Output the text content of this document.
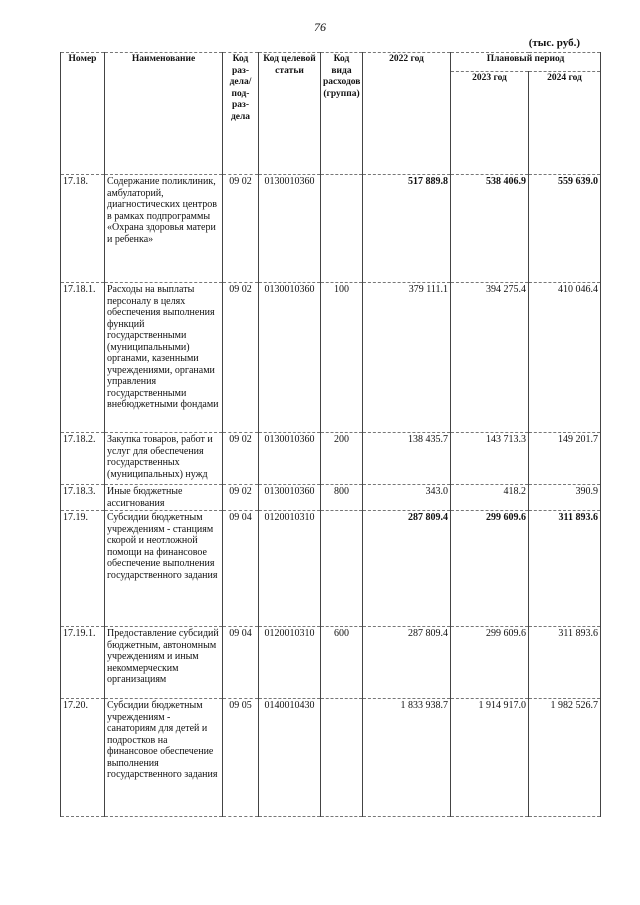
76
(тыс. руб.)
Номер	Наименование	Код раз-дела/ под-раз-дела	Код целевой статьи	Код вида расходов (группа)	2022 год	Плановый период	
						2023 год	2024 год
17.18.	Содержание поликлиник, амбулаторий, диагностических центров в рамках подпрограммы «Охрана здоровья матери и ребенка»	09 02	0130010360		517 889.8	538 406.9	559 639.0
17.18.1.	Расходы на выплаты персоналу в целях обеспечения выполнения функций государственными (муниципальными) органами, казенными учреждениями, органами управления государственными внебюджетными фондами	09 02	0130010360	100	379 111.1	394 275.4	410 046.4
17.18.2.	Закупка товаров, работ и услуг для обеспечения государственных (муниципальных) нужд	09 02	0130010360	200	138 435.7	143 713.3	149 201.7
17.18.3.	Иные бюджетные ассигнования	09 02	0130010360	800	343.0	418.2	390.9
17.19.	Субсидии бюджетным учреждениям - станциям скорой и неотложной помощи на финансовое обеспечение выполнения государственного задания	09 04	0120010310		287 809.4	299 609.6	311 893.6
17.19.1.	Предоставление субсидий бюджетным, автономным учреждениям и иным некоммерческим организациям	09 04	0120010310	600	287 809.4	299 609.6	311 893.6
17.20.	Субсидии бюджетным учреждениям - санаториям для детей и подростков на финансовое обеспечение выполнения государственного задания	09 05	0140010430		1 833 938.7	1 914 917.0	1 982 526.7
